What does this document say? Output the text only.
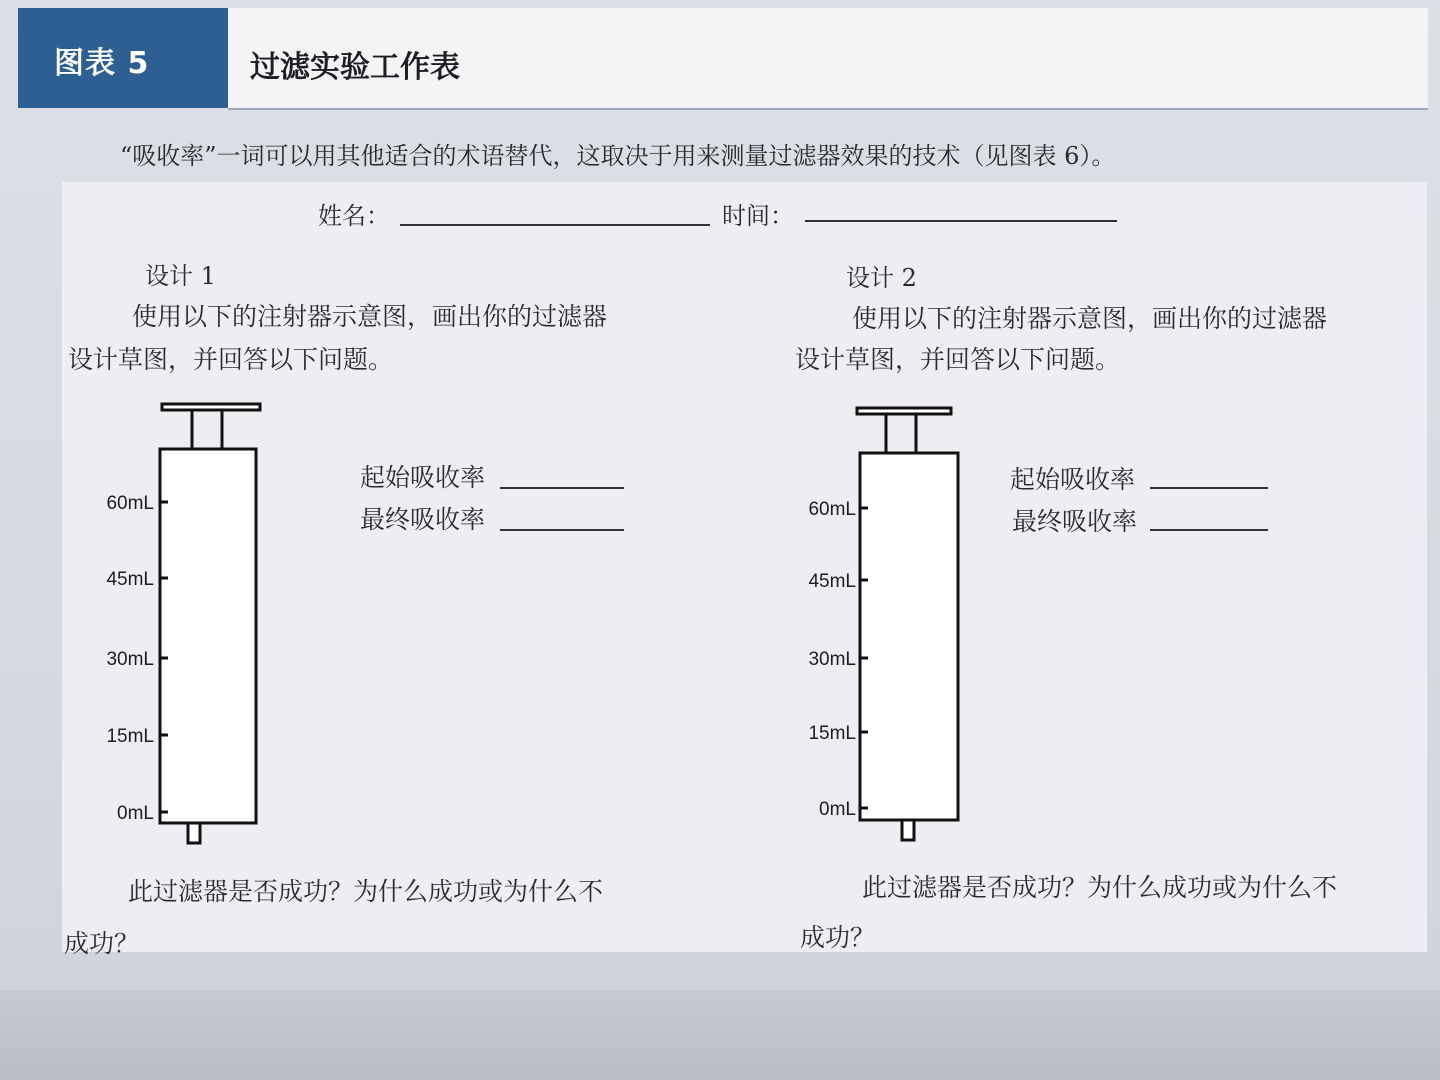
图表 5	过滤实验工作表
“吸收率”一词可以用其他适合的术语替代，这取决于用来测量过滤器效果的技术（见图表 6）。
姓名：	时间：
设计 1
使用以下的注射器示意图，画出你的过滤器
设计草图，并回答以下问题。
60mL
45mL
30mL
15mL
0mL
起始吸收率
最终吸收率
此过滤器是否成功？为什么成功或为什么不
成功？
设计 2
使用以下的注射器示意图，画出你的过滤器
设计草图，并回答以下问题。
60mL
45mL
30mL
15mL
0mL
起始吸收率
最终吸收率
此过滤器是否成功？为什么成功或为什么不
成功？
